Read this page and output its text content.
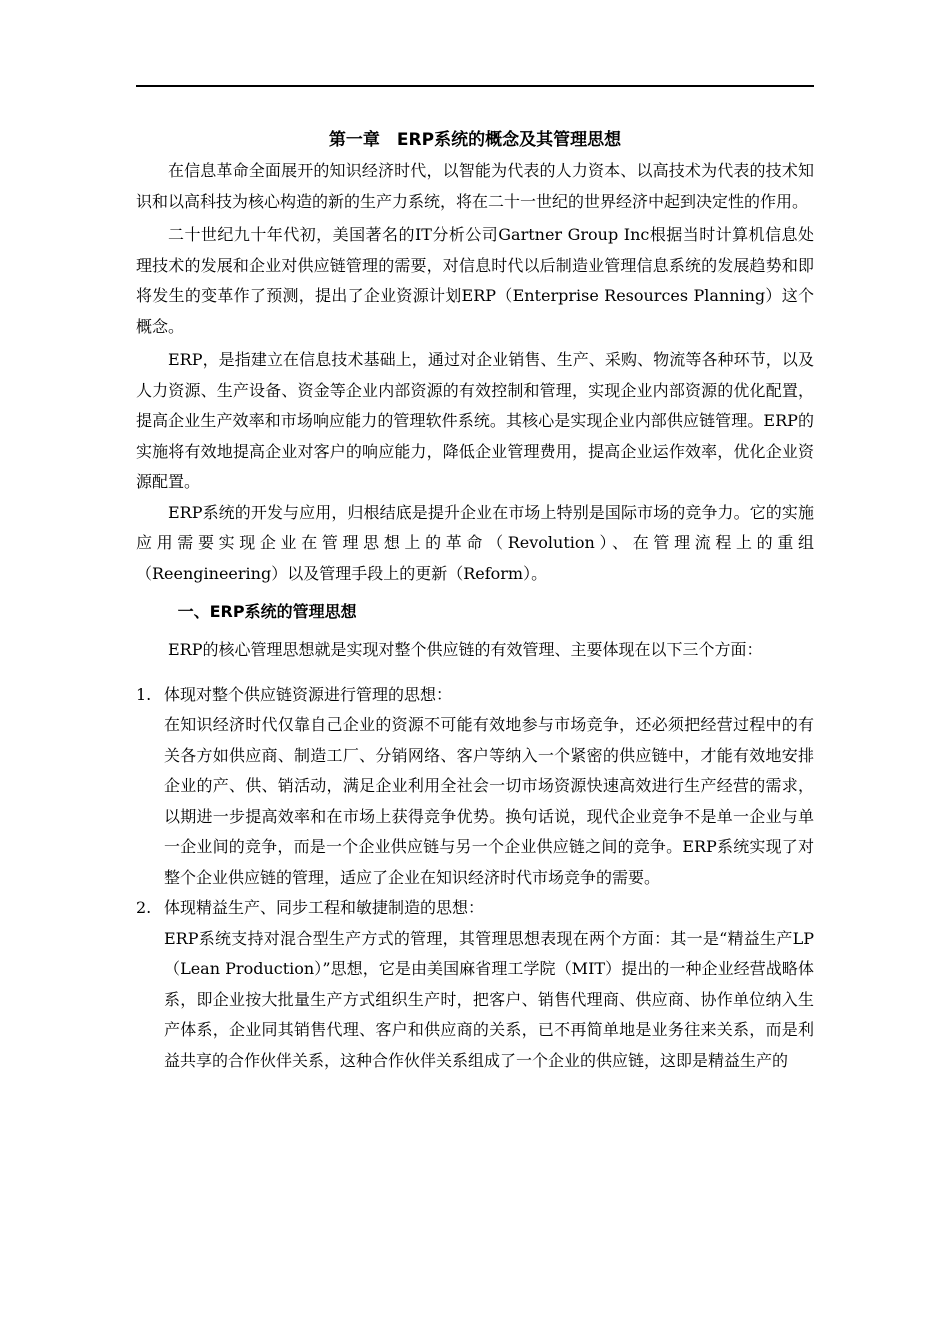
第一章　ERP系统的概念及其管理思想

在信息革命全面展开的知识经济时代，以智能为代表的人力资本、以高技术为代表的技术知识和以高科技为核心构造的新的生产力系统，将在二十一世纪的世界经济中起到决定性的作用。

二十世纪九十年代初，美国著名的IT分析公司Gartner Group Inc根据当时计算机信息处理技术的发展和企业对供应链管理的需要，对信息时代以后制造业管理信息系统的发展趋势和即将发生的变革作了预测，提出了企业资源计划ERP（Enterprise Resources Planning）这个概念。

ERP，是指建立在信息技术基础上，通过对企业销售、生产、采购、物流等各种环节，以及人力资源、生产设备、资金等企业内部资源的有效控制和管理，实现企业内部资源的优化配置，提高企业生产效率和市场响应能力的管理软件系统。其核心是实现企业内部供应链管理。ERP的实施将有效地提高企业对客户的响应能力，降低企业管理费用，提高企业运作效率，优化企业资源配置。

ERP系统的开发与应用，归根结底是提升企业在市场上特别是国际市场的竞争力。它的实施应用需要实现企业在管理思想上的革命（Revolution）、在管理流程上的重组（Reengineering）以及管理手段上的更新（Reform）。

一、ERP系统的管理思想

ERP的核心管理思想就是实现对整个供应链的有效管理、主要体现在以下三个方面：

1. 体现对整个供应链资源进行管理的思想：

在知识经济时代仅靠自己企业的资源不可能有效地参与市场竞争，还必须把经营过程中的有关各方如供应商、制造工厂、分销网络、客户等纳入一个紧密的供应链中，才能有效地安排企业的产、供、销活动，满足企业利用全社会一切市场资源快速高效进行生产经营的需求，以期进一步提高效率和在市场上获得竞争优势。换句话说，现代企业竞争不是单一企业与单一企业间的竞争，而是一个企业供应链与另一个企业供应链之间的竞争。ERP系统实现了对整个企业供应链的管理，适应了企业在知识经济时代市场竞争的需要。

2. 体现精益生产、同步工程和敏捷制造的思想：

ERP系统支持对混合型生产方式的管理，其管理思想表现在两个方面：其一是“精益生产LP（Lean Production）”思想，它是由美国麻省理工学院（MIT）提出的一种企业经营战略体系，即企业按大批量生产方式组织生产时，把客户、销售代理商、供应商、协作单位纳入生产体系，企业同其销售代理、客户和供应商的关系，已不再简单地是业务往来关系，而是利益共享的合作伙伴关系，这种合作伙伴关系组成了一个企业的供应链，这即是精益生产的
